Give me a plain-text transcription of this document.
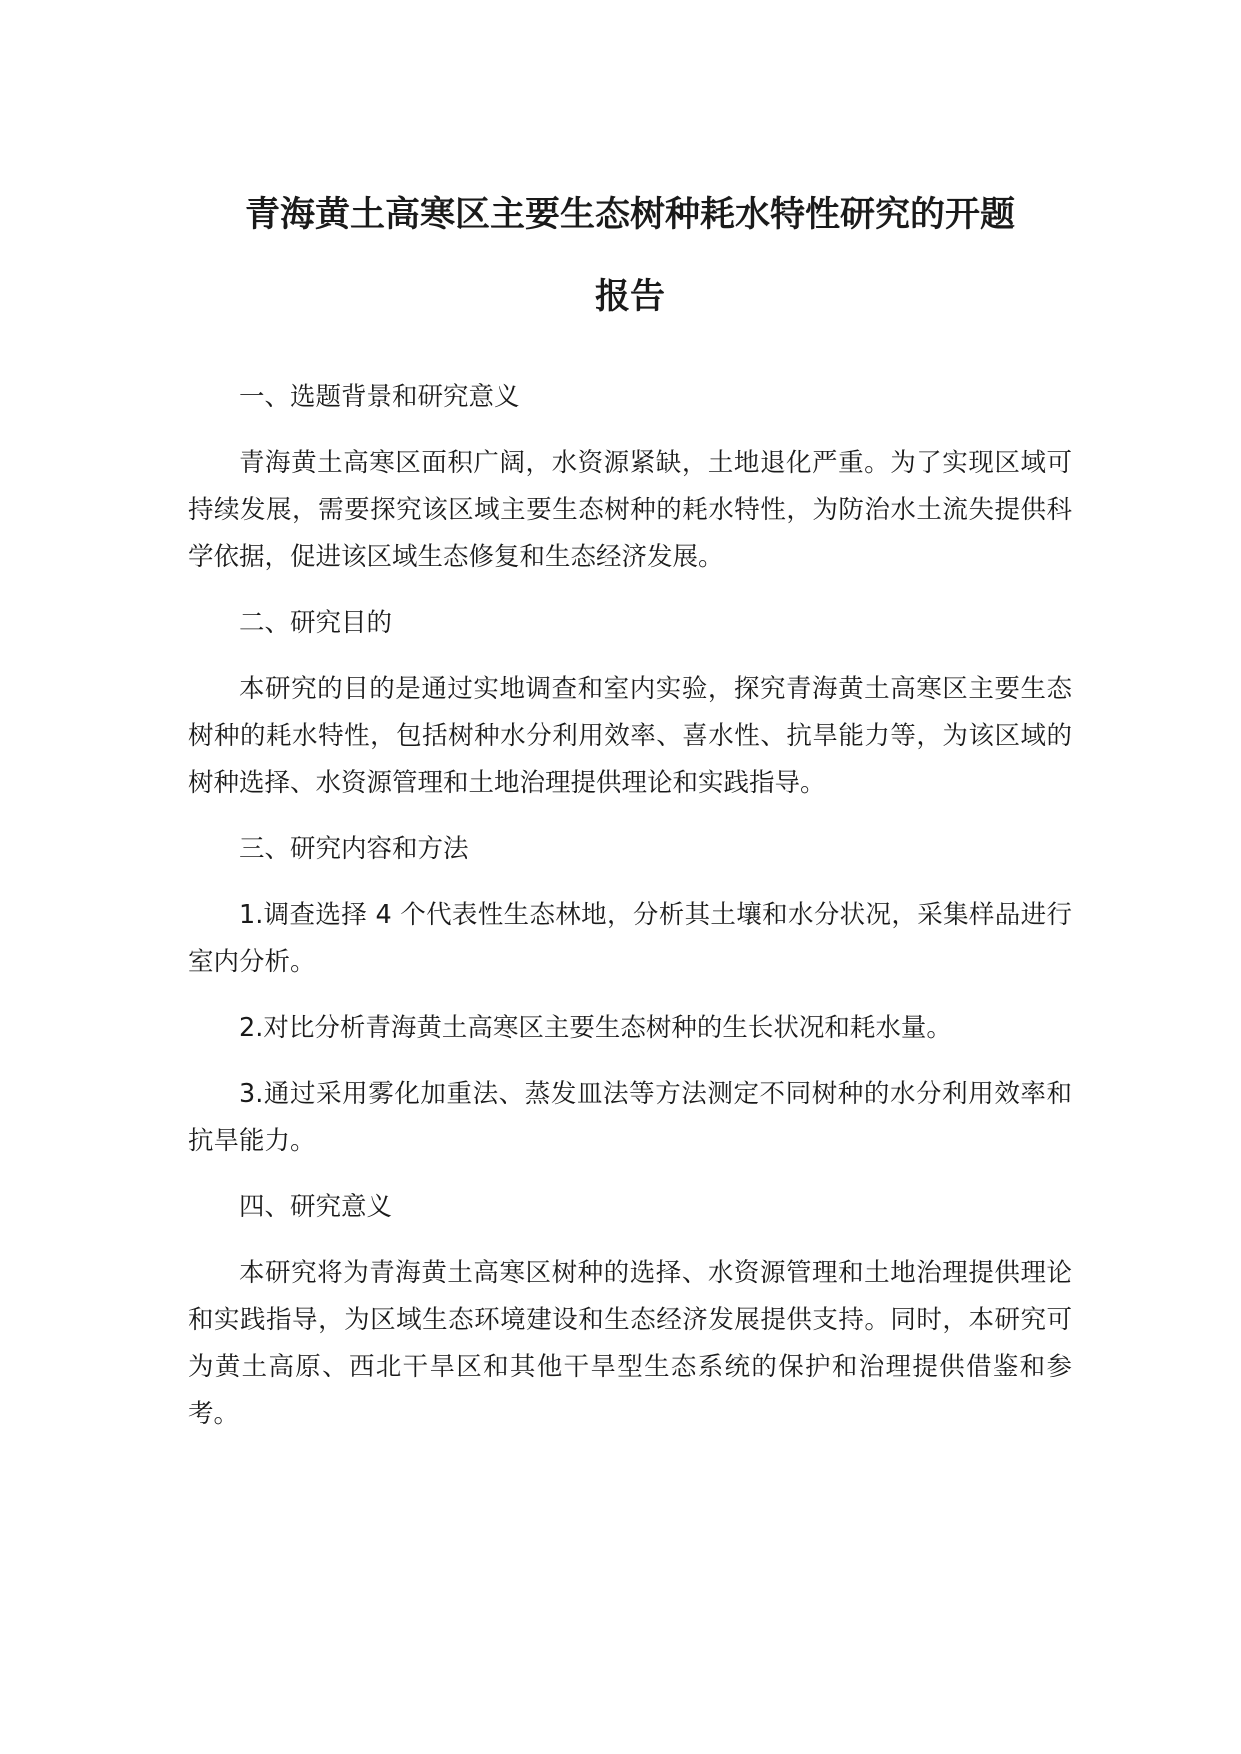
青海黄土高寒区主要生态树种耗水特性研究的开题
报告

一、选题背景和研究意义

青海黄土高寒区面积广阔，水资源紧缺，土地退化严重。为了实现区域可持续发展，需要探究该区域主要生态树种的耗水特性，为防治水土流失提供科学依据，促进该区域生态修复和生态经济发展。

二、研究目的

本研究的目的是通过实地调查和室内实验，探究青海黄土高寒区主要生态树种的耗水特性，包括树种水分利用效率、喜水性、抗旱能力等，为该区域的树种选择、水资源管理和土地治理提供理论和实践指导。

三、研究内容和方法

1.调查选择 4 个代表性生态林地，分析其土壤和水分状况，采集样品进行室内分析。

2.对比分析青海黄土高寒区主要生态树种的生长状况和耗水量。

3.通过采用雾化加重法、蒸发皿法等方法测定不同树种的水分利用效率和抗旱能力。

四、研究意义

本研究将为青海黄土高寒区树种的选择、水资源管理和土地治理提供理论和实践指导，为区域生态环境建设和生态经济发展提供支持。同时，本研究可为黄土高原、西北干旱区和其他干旱型生态系统的保护和治理提供借鉴和参考。
